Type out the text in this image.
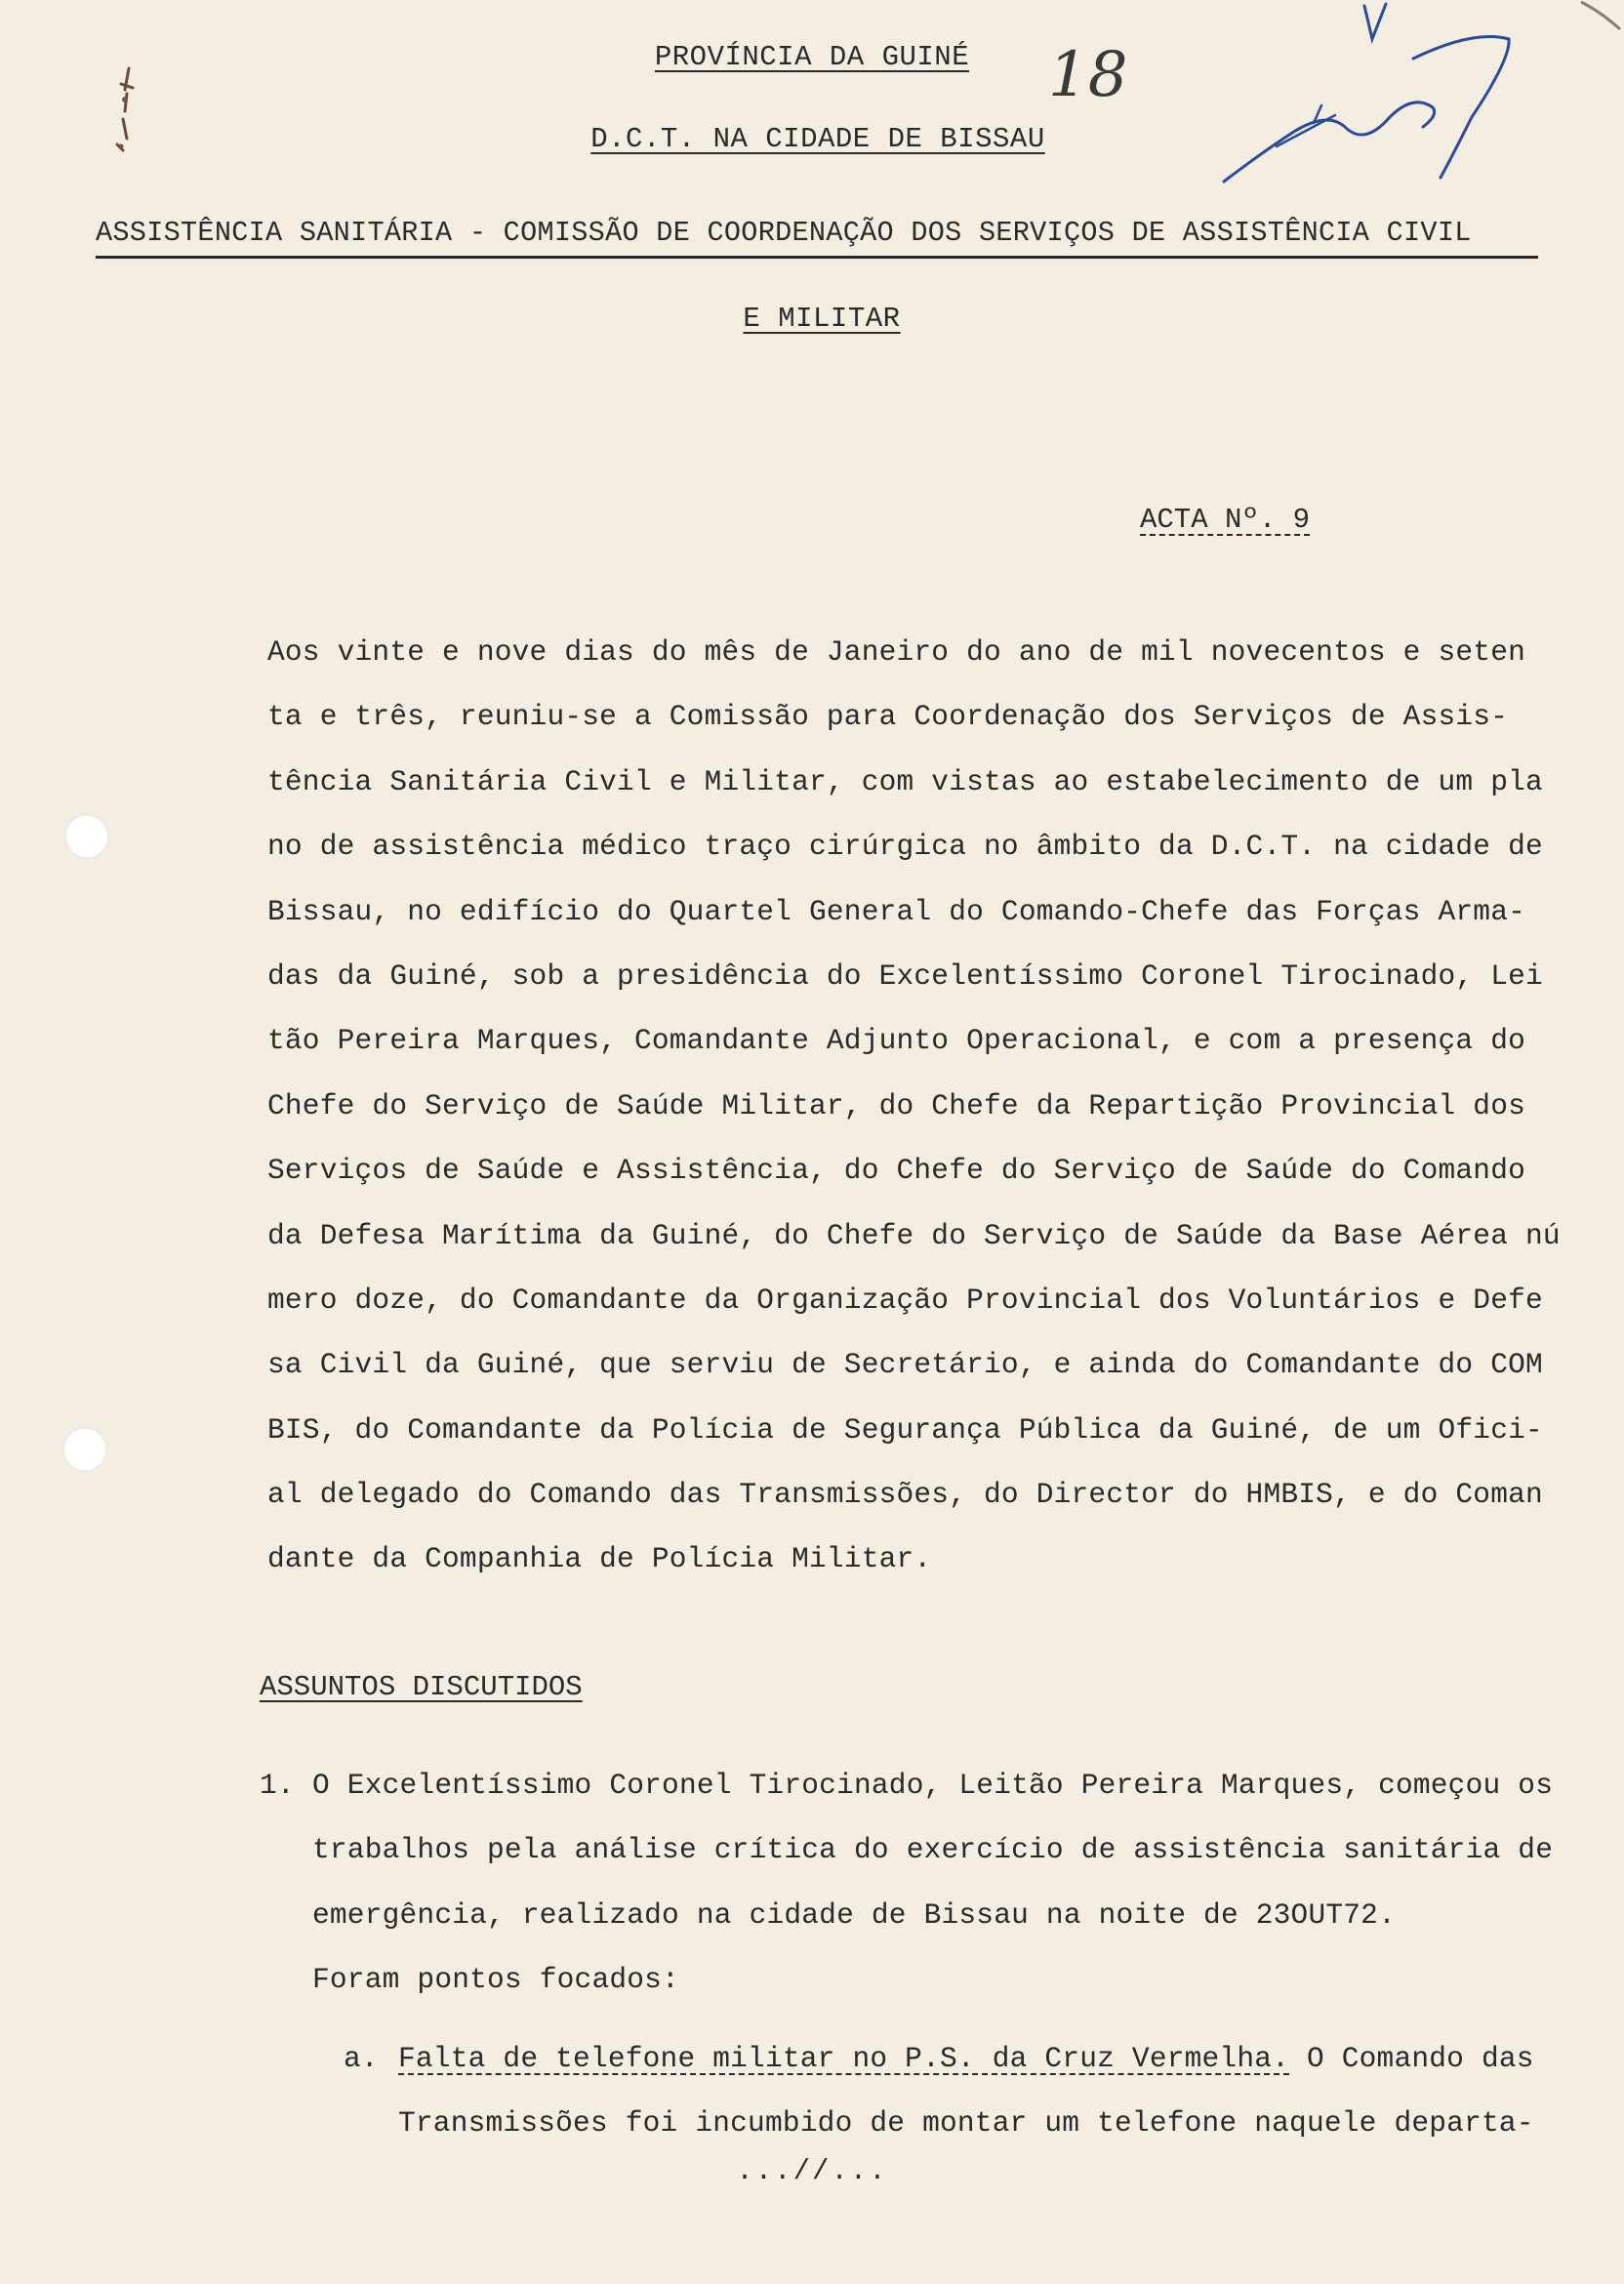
PROVÍNCIA DA GUINÉ
D.C.T. NA CIDADE DE BISSAU
ASSISTÊNCIA SANITÁRIA - COMISSÃO DE COORDENAÇÃO DOS SERVIÇOS DE ASSISTÊNCIA CIVIL
E MILITAR
18
ACTA Nº. 9
Aos vinte e nove dias do mês de Janeiro do ano de mil novecentos e seten
ta e três, reuniu-se a Comissão para Coordenação dos Serviços de Assis-
tência Sanitária Civil e Militar, com vistas ao estabelecimento de um pla
no de assistência médico traço cirúrgica no âmbito da D.C.T. na cidade de
Bissau, no edifício do Quartel General do Comando-Chefe das Forças Arma-
das da Guiné, sob a presidência do Excelentíssimo Coronel Tirocinado, Lei
tão Pereira Marques, Comandante Adjunto Operacional, e com a presença do
Chefe do Serviço de Saúde Militar, do Chefe da Repartição Provincial dos
Serviços de Saúde e Assistência, do Chefe do Serviço de Saúde do Comando
da Defesa Marítima da Guiné, do Chefe do Serviço de Saúde da Base Aérea nú
mero doze, do Comandante da Organização Provincial dos Voluntários e Defe
sa Civil da Guiné, que serviu de Secretário, e ainda do Comandante do COM
BIS, do Comandante da Polícia de Segurança Pública da Guiné, de um Ofici-
al delegado do Comando das Transmissões, do Director do HMBIS, e do Coman
dante da Companhia de Polícia Militar.
ASSUNTOS DISCUTIDOS
1. O Excelentíssimo Coronel Tirocinado, Leitão Pereira Marques, começou os
trabalhos pela análise crítica do exercício de assistência sanitária de
emergência, realizado na cidade de Bissau na noite de 23OUT72.
Foram pontos focados:
a. Falta de telefone militar no P.S. da Cruz Vermelha. O Comando das
Transmissões foi incumbido de montar um telefone naquele departa-
...//...
